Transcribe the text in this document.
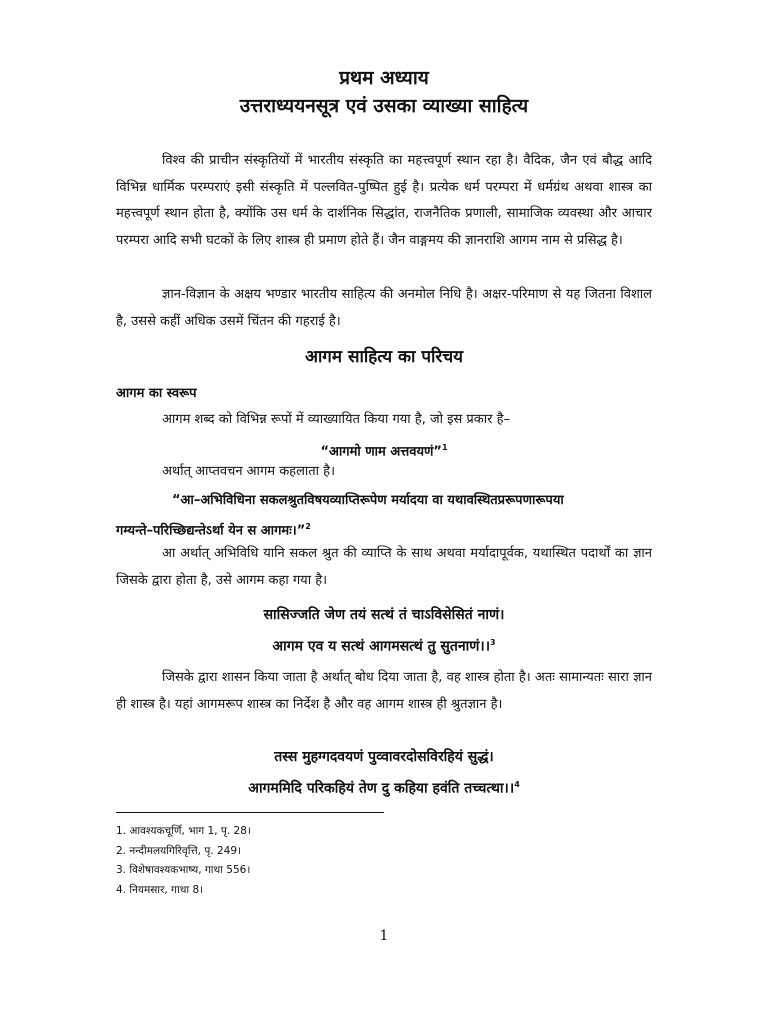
प्रथम अध्याय
उत्तराध्ययनसूत्र एवं उसका व्याख्या साहित्य
विश्व की प्राचीन संस्कृतियों में भारतीय संस्कृति का महत्त्वपूर्ण स्थान रहा है। वैदिक, जैन एवं बौद्ध आदि विभिन्न धार्मिक परम्पराएं इसी संस्कृति में पल्लवित-पुष्पित हुई है। प्रत्येक धर्म परम्परा में धर्मग्रंथ अथवा शास्त्र का महत्त्वपूर्ण स्थान होता है, क्योंकि उस धर्म के दार्शनिक सिद्धांत, राजनैतिक प्रणाली, सामाजिक व्यवस्था और आचार परम्परा आदि सभी घटकों के लिए शास्त्र ही प्रमाण होते हैं। जैन वाङ्गमय की ज्ञानराशि आगम नाम से प्रसिद्ध है।
ज्ञान-विज्ञान के अक्षय भण्डार भारतीय साहित्य की अनमोल निधि है। अक्षर-परिमाण से यह जितना विशाल है, उससे कहीं अधिक उसमें चिंतन की गहराई है।
आगम साहित्य का परिचय
आगम का स्वरूप
आगम शब्द को विभिन्न रूपों में व्याख्यायित किया गया है, जो इस प्रकार है–
“आगमो णाम अत्तवयणं”$^1$
अर्थात् आप्तवचन आगम कहलाता है।
“आ–अभिविधिना सकलश्रुतविषयव्याप्तिरूपेण मर्यादया वा यथावस्थितप्ररूपणारूपया
गम्यन्ते–परिच्छिद्यन्तेऽर्था येन स आगमः।”$^2$
आ अर्थात् अभिविधि यानि सकल श्रुत की व्याप्ति के साथ अथवा मर्यादापूर्वक, यथास्थित पदार्थों का ज्ञान जिसके द्वारा होता है, उसे आगम कहा गया है।
सासिज्जति जेण तयं सत्थं तं चाऽविसेसितं नाणं।
आगम एव य सत्थं आगमसत्थं तु सुतनाणं।।$^3$
जिसके द्वारा शासन किया जाता है अर्थात् बोध दिया जाता है, वह शास्त्र होता है। अतः सामान्यतः सारा ज्ञान ही शास्त्र है। यहां आगमरूप शास्त्र का निर्देश है और वह आगम शास्त्र ही श्रुतज्ञान है।
तस्स मुहग्गदवयणं पुव्वावरदोसविरहियं सुद्धं।
आगममिदि परिकहियं तेण दु कहिया हवंति तच्चत्था।।$^4$
1. आवश्यकचूर्णि, भाग 1, पृ. 28।
2. नन्दीमलयगिरिवृत्ति, पृ. 249।
3. विशेषावश्यकभाष्य, गाथा 556।
4. नियमसार, गाथा 8।
1
